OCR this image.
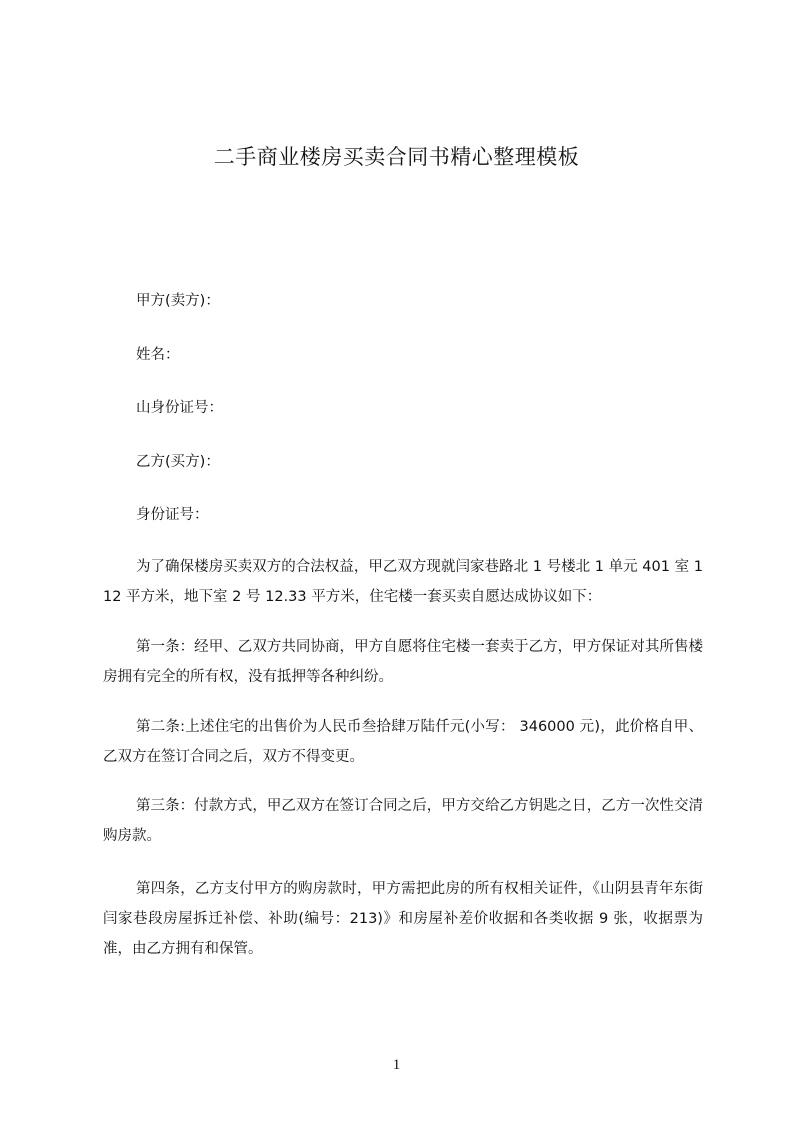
二手商业楼房买卖合同书精心整理模板
甲方(卖方)：
姓名：
山身份证号：
乙方(买方)：
身份证号：
为了确保楼房买卖双方的合法权益，甲乙双方现就闫家巷路北 1 号楼北 1 单元 401 室 112 平方米，地下室 2 号 12.33 平方米，住宅楼一套买卖自愿达成协议如下：
第一条：经甲、乙双方共同协商，甲方自愿将住宅楼一套卖于乙方，甲方保证对其所售楼房拥有完全的所有权，没有抵押等各种纠纷。
第二条:上述住宅的出售价为人民币叁拾肆万陆仟元(小写： 346000 元)，此价格自甲、乙双方在签订合同之后，双方不得变更。
第三条：付款方式，甲乙双方在签订合同之后，甲方交给乙方钥匙之日，乙方一次性交清购房款。
第四条，乙方支付甲方的购房款时，甲方需把此房的所有权相关证件，《山阴县青年东街闫家巷段房屋拆迁补偿、补助(编号：213)》和房屋补差价收据和各类收据 9 张，收据票为准，由乙方拥有和保管。
1
